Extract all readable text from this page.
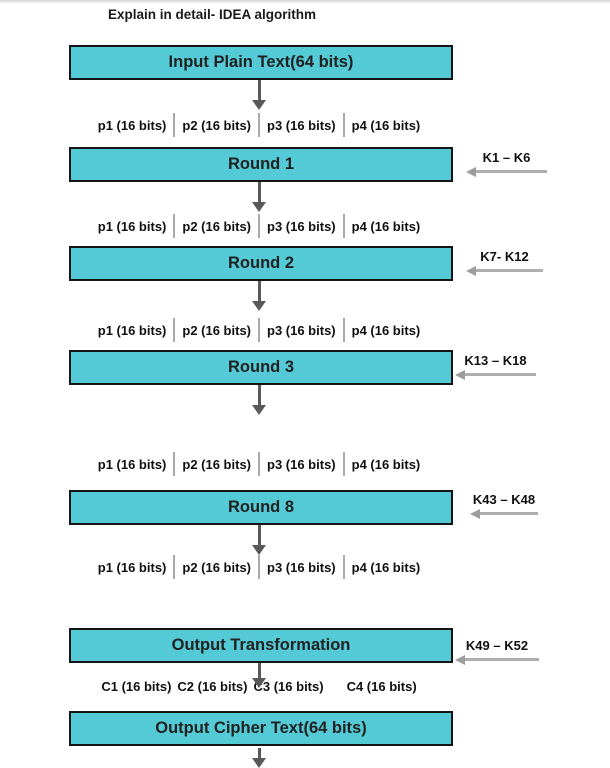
Explain in detail- IDEA algorithm
Input Plain Text(64 bits)
p1 (16 bits) p2 (16 bits) p3 (16 bits) p4 (16 bits)
Round 1	K1 – K6
p1 (16 bits) p2 (16 bits) p3 (16 bits) p4 (16 bits)
Round 2	K7- K12
p1 (16 bits) p2 (16 bits) p3 (16 bits) p4 (16 bits)
Round 3	K13 – K18
p1 (16 bits) p2 (16 bits) p3 (16 bits) p4 (16 bits)
Round 8	K43 – K48
p1 (16 bits) p2 (16 bits) p3 (16 bits) p4 (16 bits)
Output Transformation	K49 – K52
C1 (16 bits) C2 (16 bits) C3 (16 bits) C4 (16 bits)
Output Cipher Text(64 bits)
